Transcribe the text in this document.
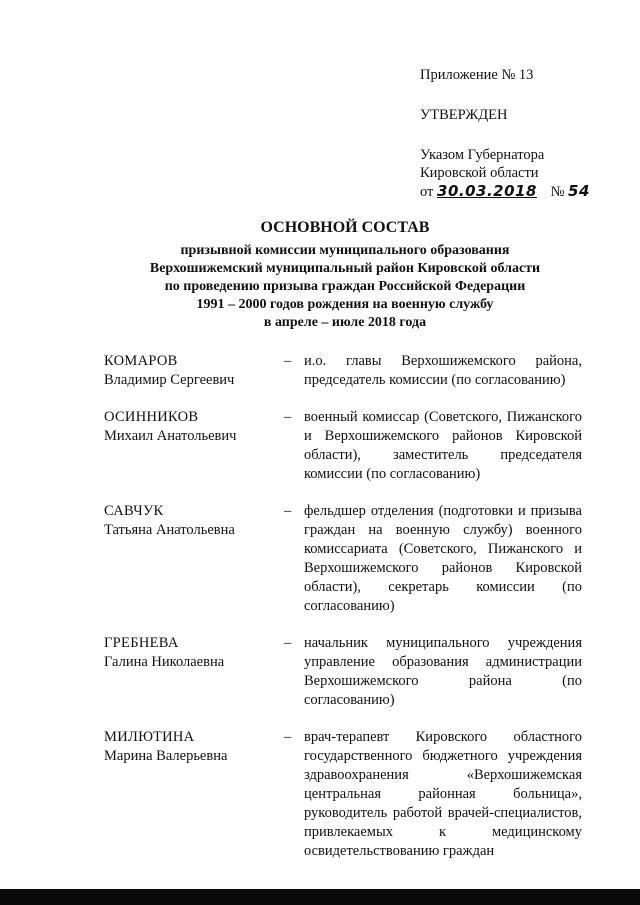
Приложение № 13
УТВЕРЖДЕН
Указом Губернатора
Кировской области
от 30.03.2018 № 54
ОСНОВНОЙ СОСТАВ
призывной комиссии муниципального образования
Верхошижемский муниципальный район Кировской области
по проведению призыва граждан Российской Федерации
1991 – 2000 годов рождения на военную службу
в апреле – июле 2018 года
КОМАРОВ
Владимир Сергеевич
– и.о. главы Верхошижемского района, председатель комиссии (по согласованию)
ОСИННИКОВ
Михаил Анатольевич
– военный комиссар (Советского, Пижанского и Верхошижемского районов Кировской области), заместитель председателя комиссии (по согласованию)
САВЧУК
Татьяна Анатольевна
– фельдшер отделения (подготовки и призыва граждан на военную службу) военного комиссариата (Советского, Пижанского и Верхошижемского районов Кировской области), секретарь комиссии (по согласованию)
ГРЕБНЕВА
Галина Николаевна
– начальник муниципального учреждения управление образования администрации Верхошижемского района (по согласованию)
МИЛЮТИНА
Марина Валерьевна
– врач-терапевт Кировского областного государственного бюджетного учреждения здравоохранения «Верхошижемская центральная районная больница», руководитель работой врачей-специалистов, привлекаемых к медицинскому освидетельствованию граждан
